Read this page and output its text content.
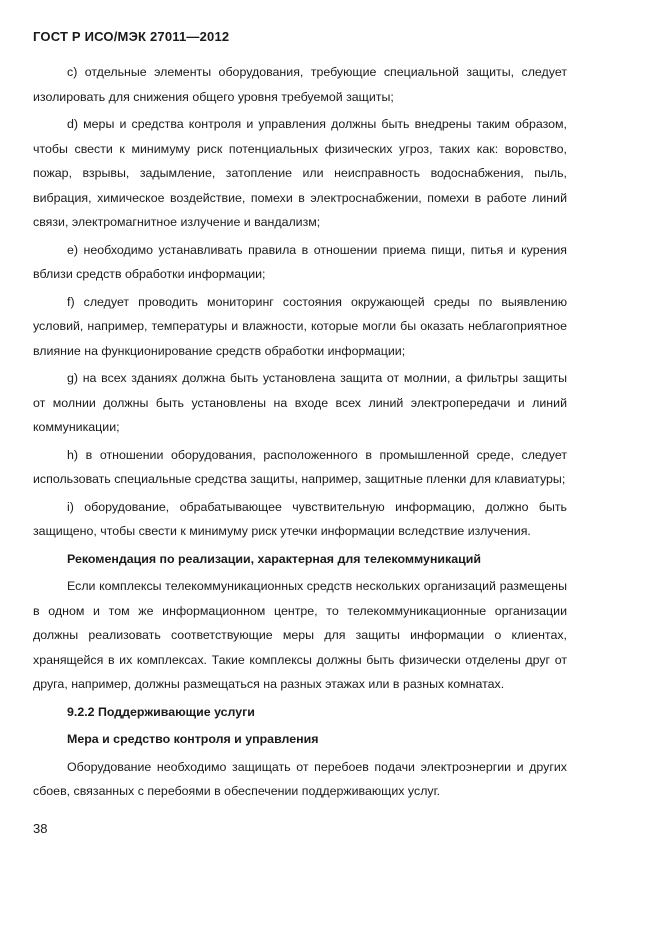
ГОСТ Р ИСО/МЭК 27011—2012

c) отдельные элементы оборудования, требующие специальной защиты, следует изолировать для снижения общего уровня требуемой защиты;

d) меры и средства контроля и управления должны быть внедрены таким образом, чтобы свести к минимуму риск потенциальных физических угроз, таких как: воровство, пожар, взрывы, задымление, затопление или неисправность водоснабжения, пыль, вибрация, химическое воздействие, помехи в электроснабжении, помехи в работе линий связи, электромагнитное излучение и вандализм;

e) необходимо устанавливать правила в отношении приема пищи, питья и курения вблизи средств обработки информации;

f) следует проводить мониторинг состояния окружающей среды по выявлению условий, например, температуры и влажности, которые могли бы оказать неблагоприятное влияние на функционирование средств обработки информации;

g) на всех зданиях должна быть установлена защита от молнии, а фильтры защиты от молнии должны быть установлены на входе всех линий электропередачи и линий коммуникации;

h) в отношении оборудования, расположенного в промышленной среде, следует использовать специальные средства защиты, например, защитные пленки для клавиатуры;

i) оборудование, обрабатывающее чувствительную информацию, должно быть защищено, чтобы свести к минимуму риск утечки информации вследствие излучения.

Рекомендация по реализации, характерная для телекоммуникаций

Если комплексы телекоммуникационных средств нескольких организаций размещены в одном и том же информационном центре, то телекоммуникационные организации должны реализовать соответствующие меры для защиты информации о клиентах, хранящейся в их комплексах. Такие комплексы должны быть физически отделены друг от друга, например, должны размещаться на разных этажах или в разных комнатах.

9.2.2 Поддерживающие услуги

Мера и средство контроля и управления

Оборудование необходимо защищать от перебоев подачи электроэнергии и других сбоев, связанных с перебоями в обеспечении поддерживающих услуг.

38
